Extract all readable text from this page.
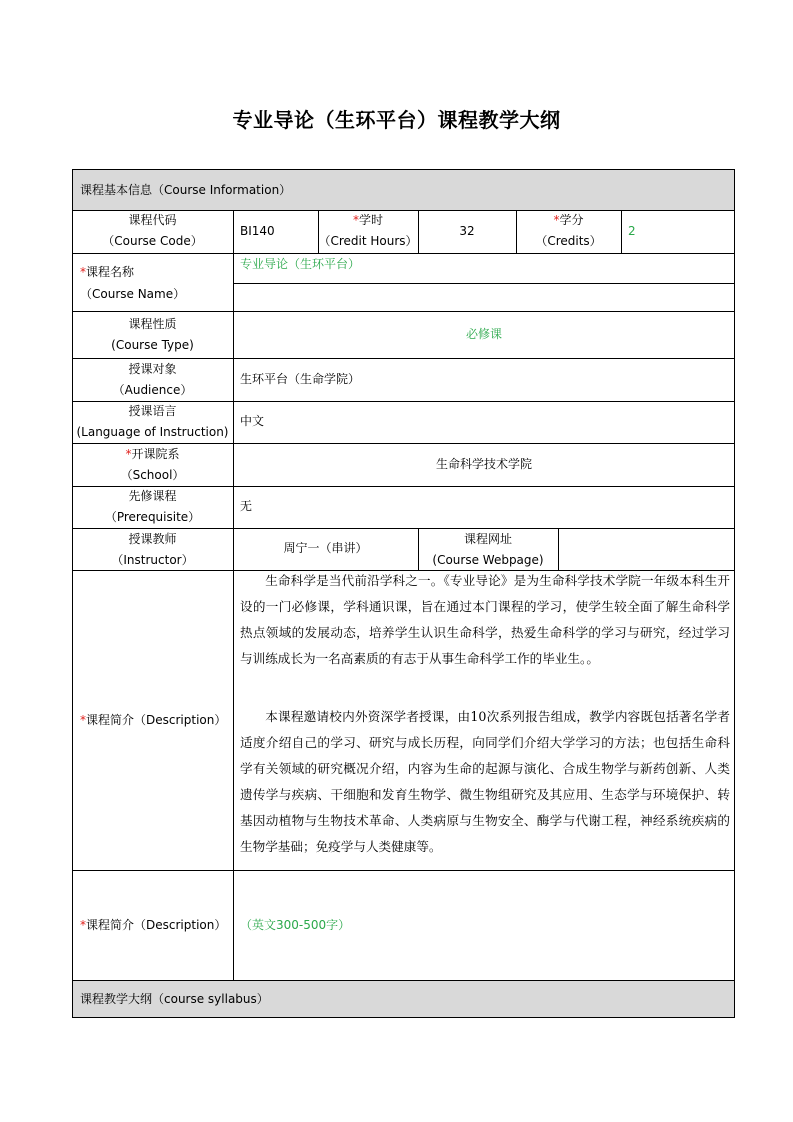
专业导论（生环平台）课程教学大纲
课程基本信息（Course Information）
课程代码
（Course Code）
BI140
*学时
（Credit Hours）
32
*学分
（Credits）
2
*课程名称
（Course Name）
专业导论（生环平台）
课程性质
(Course Type)
必修课
授课对象
（Audience）
生环平台（生命学院）
授课语言
(Language of Instruction)
中文
*开课院系
（School）
生命科学技术学院
先修课程
（Prerequisite）
无
授课教师
（Instructor）
周宁一（串讲）
课程网址
(Course Webpage)
*课程简介（Description）
生命科学是当代前沿学科之一。《专业导论》是为生命科学技术学院一年级本科生开设的一门必修课，学科通识课，旨在通过本门课程的学习，使学生较全面了解生命科学热点领域的发展动态，培养学生认识生命科学，热爱生命科学的学习与研究，经过学习与训练成长为一名高素质的有志于从事生命科学工作的毕业生。。
本课程邀请校内外资深学者授课，由10次系列报告组成，教学内容既包括著名学者适度介绍自己的学习、研究与成长历程，向同学们介绍大学学习的方法；也包括生命科学有关领域的研究概况介绍，内容为生命的起源与演化、合成生物学与新药创新、人类遗传学与疾病、干细胞和发育生物学、微生物组研究及其应用、生态学与环境保护、转基因动植物与生物技术革命、人类病原与生物安全、酶学与代谢工程，神经系统疾病的生物学基础；免疫学与人类健康等。
*课程简介（Description） （英文300-500字）
课程教学大纲（course syllabus）
